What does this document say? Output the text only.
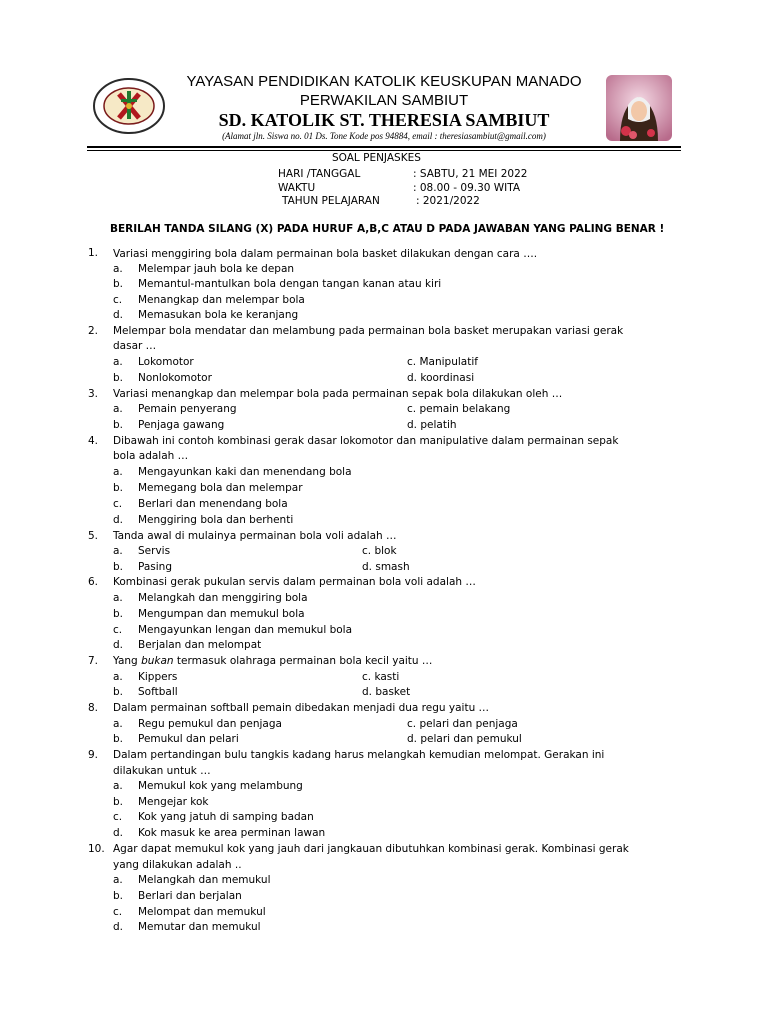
YAYASAN PENDIDIKAN KATOLIK KEUSKUPAN MANADO
PERWAKILAN SAMBIUT
SD. KATOLIK ST. THERESIA SAMBIUT
(Alamat jln. Siswa no. 01 Ds. Tone Kode pos 94884, email : theresiasambiut@gmail.com)
SOAL PENJASKES
HARI /TANGGAL	: SABTU, 21 MEI 2022
WAKTU	: 08.00 - 09.30 WITA
TAHUN PELAJARAN	: 2021/2022
BERILAH TANDA SILANG (X) PADA HURUF A,B,C ATAU D PADA JAWABAN YANG PALING BENAR !
1. Variasi menggiring bola dalam permainan bola basket dilakukan dengan cara ….
a. Melempar jauh bola ke depan
b. Memantul-mantulkan bola dengan tangan kanan atau kiri
c. Menangkap dan melempar bola
d. Memasukan bola ke keranjang
2. Melempar bola mendatar dan melambung pada permainan bola basket merupakan variasi gerak
dasar …
a. Lokomotor	c. Manipulatif
b. Nonlokomotor	d. koordinasi
3. Variasi menangkap dan melempar bola pada permainan sepak bola dilakukan oleh …
a. Pemain penyerang	c. pemain belakang
b. Penjaga gawang	d. pelatih
4. Dibawah ini contoh kombinasi gerak dasar lokomotor dan manipulative dalam permainan sepak
bola adalah …
a. Mengayunkan kaki dan menendang bola
b. Memegang bola dan melempar
c. Berlari dan menendang bola
d. Menggiring bola dan berhenti
5. Tanda awal di mulainya permainan bola voli adalah …
a. Servis	c. blok
b. Pasing	d. smash
6. Kombinasi gerak pukulan servis dalam permainan bola voli adalah …
a. Melangkah dan menggiring bola
b. Mengumpan dan memukul bola
c. Mengayunkan lengan dan memukul bola
d. Berjalan dan melompat
7. Yang bukan termasuk olahraga permainan bola kecil yaitu …
a. Kippers	c. kasti
b. Softball	d. basket
8. Dalam permainan softball pemain dibedakan menjadi dua regu yaitu …
a. Regu pemukul dan penjaga	c. pelari dan penjaga
b. Pemukul dan pelari	d. pelari dan pemukul
9. Dalam pertandingan bulu tangkis kadang harus melangkah kemudian melompat. Gerakan ini
dilakukan untuk …
a. Memukul kok yang melambung
b. Mengejar kok
c. Kok yang jatuh di samping badan
d. Kok masuk ke area perminan lawan
10. Agar dapat memukul kok yang jauh dari jangkauan dibutuhkan kombinasi gerak. Kombinasi gerak
yang dilakukan adalah ..
a. Melangkah dan memukul
b. Berlari dan berjalan
c. Melompat dan memukul
d. Memutar dan memukul
